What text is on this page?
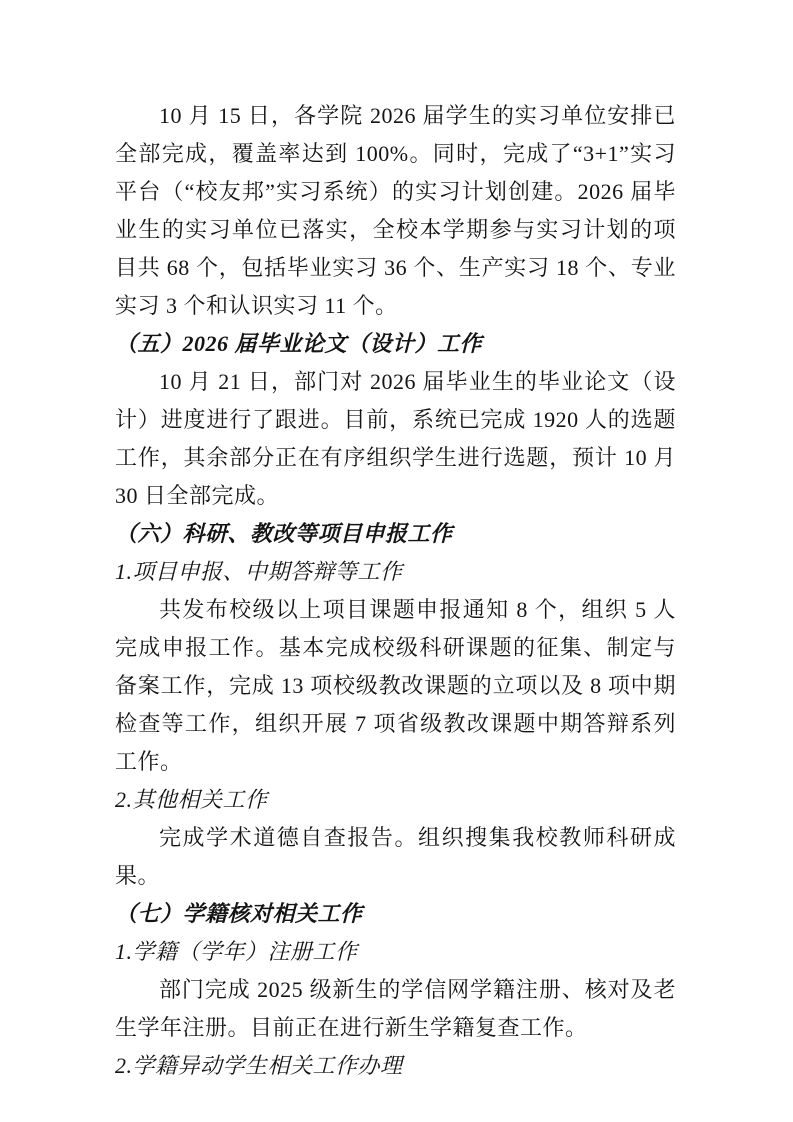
10 月 15 日，各学院 2026 届学生的实习单位安排已全部完成，覆盖率达到 100%。同时，完成了“3+1”实习平台（“校友邦”实习系统）的实习计划创建。2026 届毕业生的实习单位已落实，全校本学期参与实习计划的项目共 68 个，包括毕业实习 36 个、生产实习 18 个、专业实习 3 个和认识实习 11 个。

（五）2026 届毕业论文（设计）工作

10 月 21 日，部门对 2026 届毕业生的毕业论文（设计）进度进行了跟进。目前，系统已完成 1920 人的选题工作，其余部分正在有序组织学生进行选题，预计 10 月 30 日全部完成。

（六）科研、教改等项目申报工作

1.项目申报、中期答辩等工作

共发布校级以上项目课题申报通知 8 个，组织 5 人完成申报工作。基本完成校级科研课题的征集、制定与备案工作，完成 13 项校级教改课题的立项以及 8 项中期检查等工作，组织开展 7 项省级教改课题中期答辩系列工作。

2.其他相关工作

完成学术道德自查报告。组织搜集我校教师科研成果。

（七）学籍核对相关工作

1.学籍（学年）注册工作

部门完成 2025 级新生的学信网学籍注册、核对及老生学年注册。目前正在进行新生学籍复查工作。

2.学籍异动学生相关工作办理
